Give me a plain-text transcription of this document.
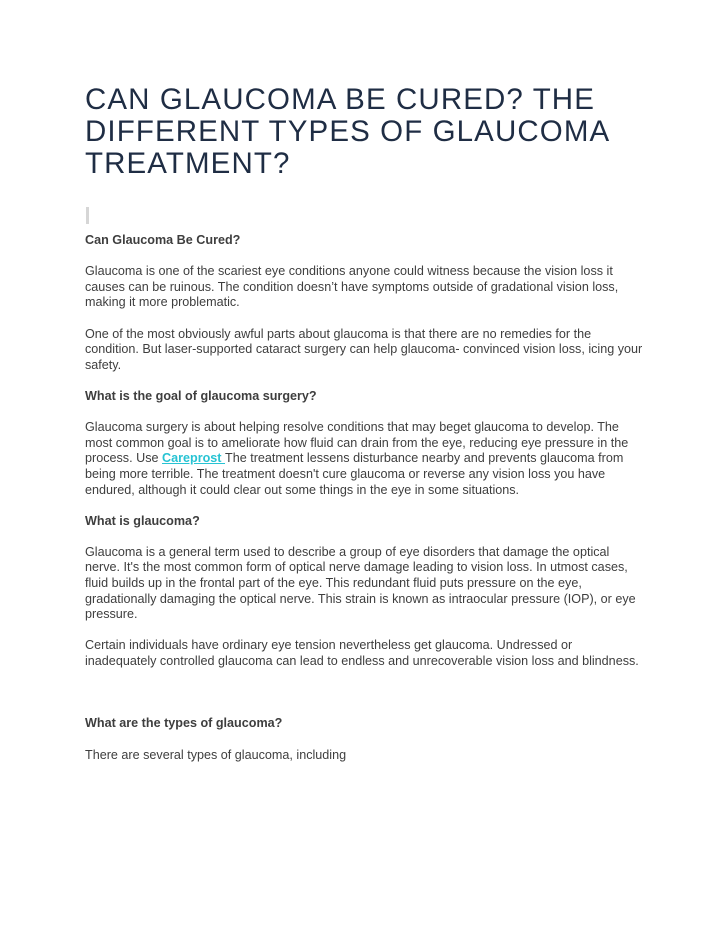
CAN GLAUCOMA BE CURED? THE DIFFERENT TYPES OF GLAUCOMA TREATMENT?
Can Glaucoma Be Cured?

Glaucoma is one of the scariest eye conditions anyone could witness because the vision loss it causes can be ruinous. The condition doesn’t have symptoms outside of gradational vision loss, making it more problematic.

One of the most obviously awful parts about glaucoma is that there are no remedies for the condition. But laser-supported cataract surgery can help glaucoma- convinced vision loss, icing your safety.

What is the goal of glaucoma surgery?

Glaucoma surgery is about helping resolve conditions that may beget glaucoma to develop. The most common goal is to ameliorate how fluid can drain from the eye, reducing eye pressure in the process. Use Careprost The treatment lessens disturbance nearby and prevents glaucoma from being more terrible. The treatment doesn't cure glaucoma or reverse any vision loss you have endured, although it could clear out some things in the eye in some situations.

What is glaucoma?

Glaucoma is a general term used to describe a group of eye disorders that damage the optical nerve. It's the most common form of optical nerve damage leading to vision loss. In utmost cases, fluid builds up in the frontal part of the eye. This redundant fluid puts pressure on the eye, gradationally damaging the optical nerve. This strain is known as intraocular pressure (IOP), or eye pressure.

Certain individuals have ordinary eye tension nevertheless get glaucoma. Undressed or inadequately controlled glaucoma can lead to endless and unrecoverable vision loss and blindness.

What are the types of glaucoma?

There are several types of glaucoma, including
